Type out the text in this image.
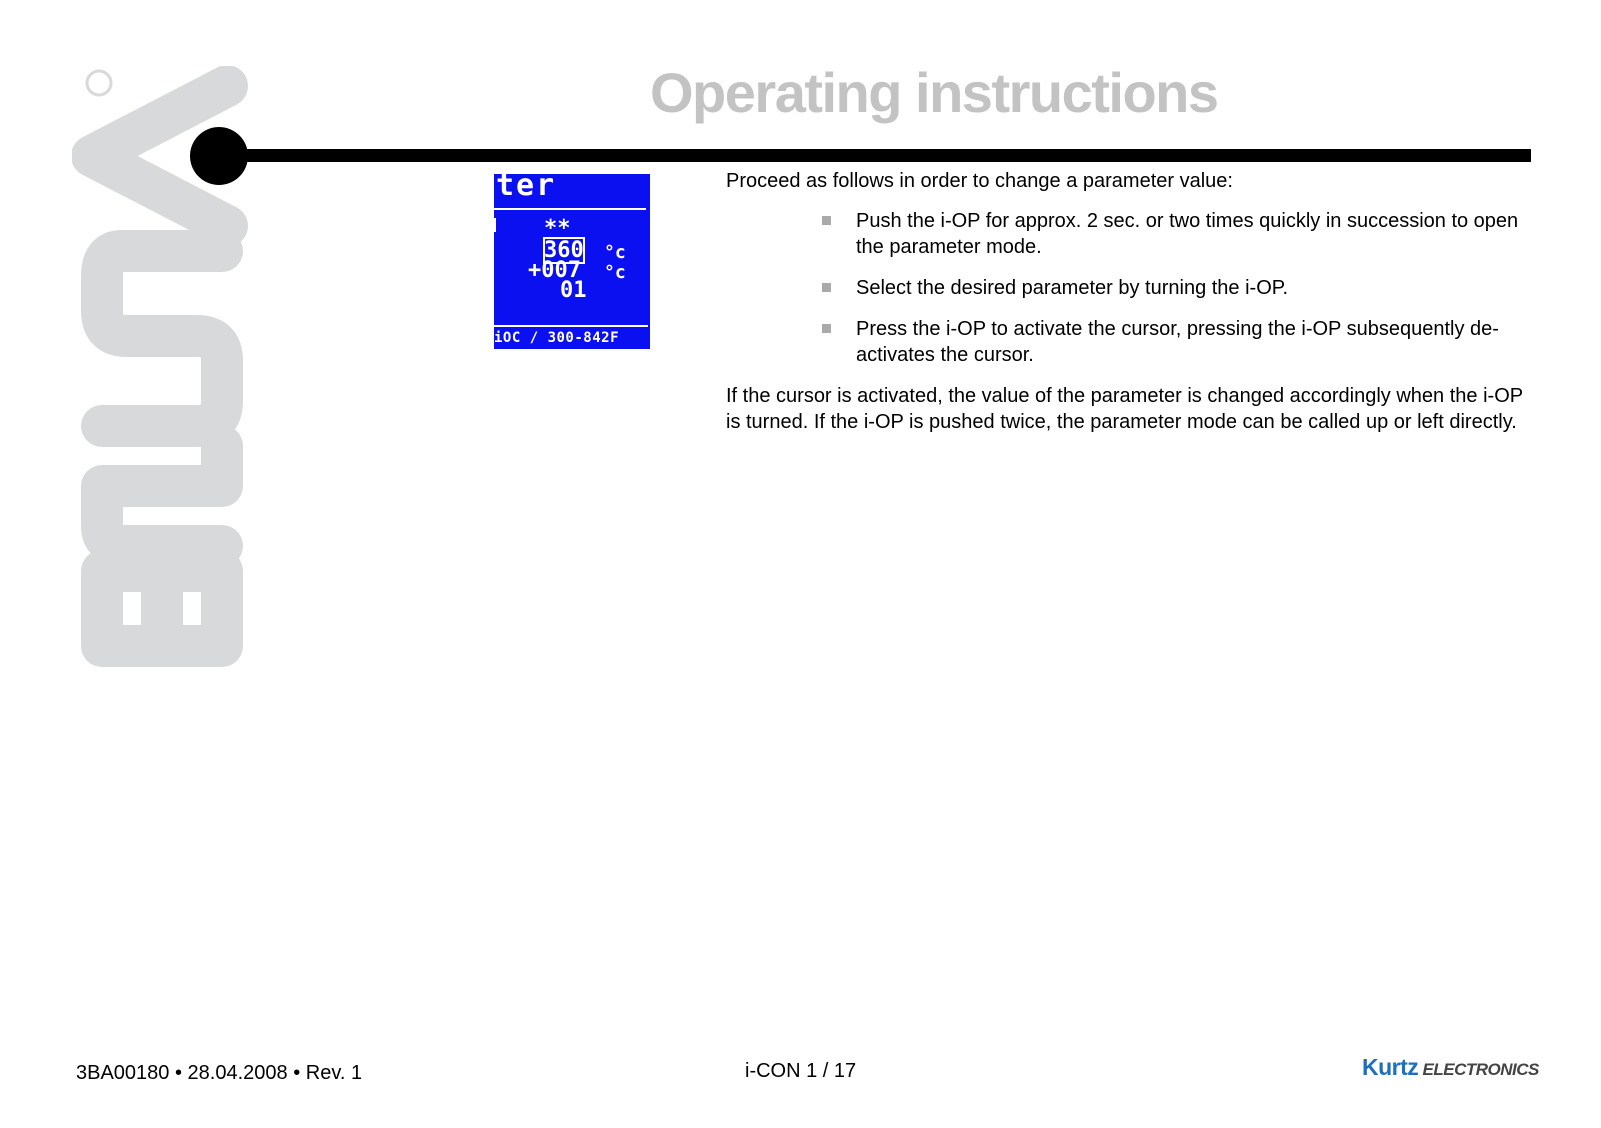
Operating instructions
ter
**
360 °c
+007 °c
01
iOC / 300-842F

Proceed as follows in order to change a parameter value:

Push the i-OP for approx. 2 sec. or two times quickly in succession to open the parameter mode.
Select the desired parameter by turning the i-OP.
Press the i-OP to activate the cursor, pressing the i-OP subsequently de-activates the cursor.

If the cursor is activated, the value of the parameter is changed accordingly when the i-OP is turned. If the i-OP is pushed twice, the parameter mode can be called up or left directly.

3BA00180 • 28.04.2008 • Rev. 1	i-CON 1 / 17	Kurtz ELECTRONICS
